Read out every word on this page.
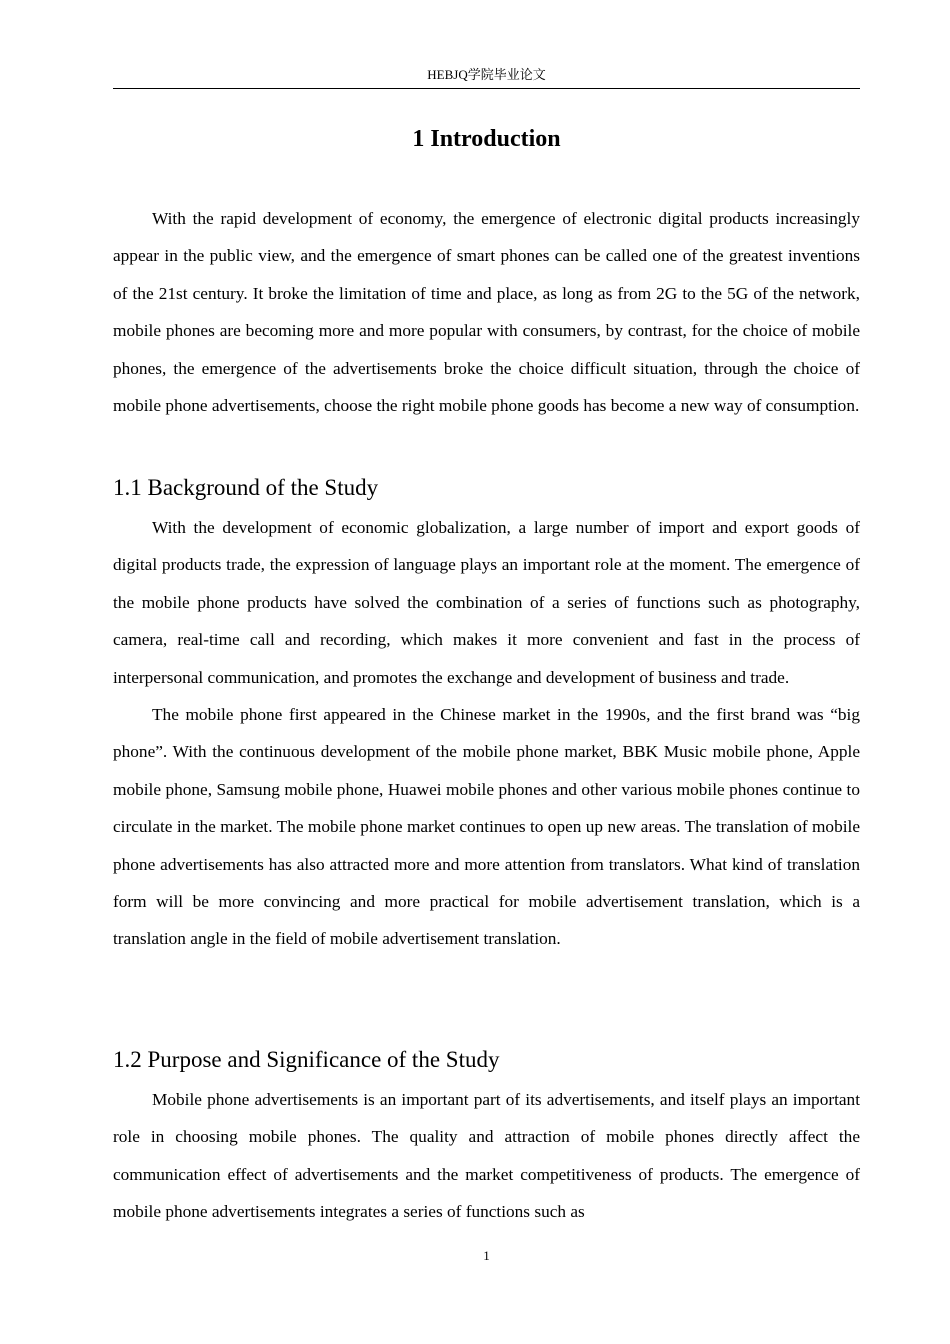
HEBJQ学院毕业论文
1 Introduction

With the rapid development of economy, the emergence of electronic digital products increasingly appear in the public view, and the emergence of smart phones can be called one of the greatest inventions of the 21st century. It broke the limitation of time and place, as long as from 2G to the 5G of the network, mobile phones are becoming more and more popular with consumers, by contrast, for the choice of mobile phones, the emergence of the advertisements broke the choice difficult situation, through the choice of mobile phone advertisements, choose the right mobile phone goods has become a new way of consumption.

1.1 Background of the Study

With the development of economic globalization, a large number of import and export goods of digital products trade, the expression of language plays an important role at the moment. The emergence of the mobile phone products have solved the combination of a series of functions such as photography, camera, real-time call and recording, which makes it more convenient and fast in the process of interpersonal communication, and promotes the exchange and development of business and trade.

The mobile phone first appeared in the Chinese market in the 1990s, and the first brand was “big phone”. With the continuous development of the mobile phone market, BBK Music mobile phone, Apple mobile phone, Samsung mobile phone, Huawei mobile phones and other various mobile phones continue to circulate in the market. The mobile phone market continues to open up new areas. The translation of mobile phone advertisements has also attracted more and more attention from translators. What kind of translation form will be more convincing and more practical for mobile advertisement translation, which is a translation angle in the field of mobile advertisement translation.

1.2 Purpose and Significance of the Study

Mobile phone advertisements is an important part of its advertisements, and itself plays an important role in choosing mobile phones. The quality and attraction of mobile phones directly affect the communication effect of advertisements and the market competitiveness of products. The emergence of mobile phone advertisements integrates a series of functions such as

1
